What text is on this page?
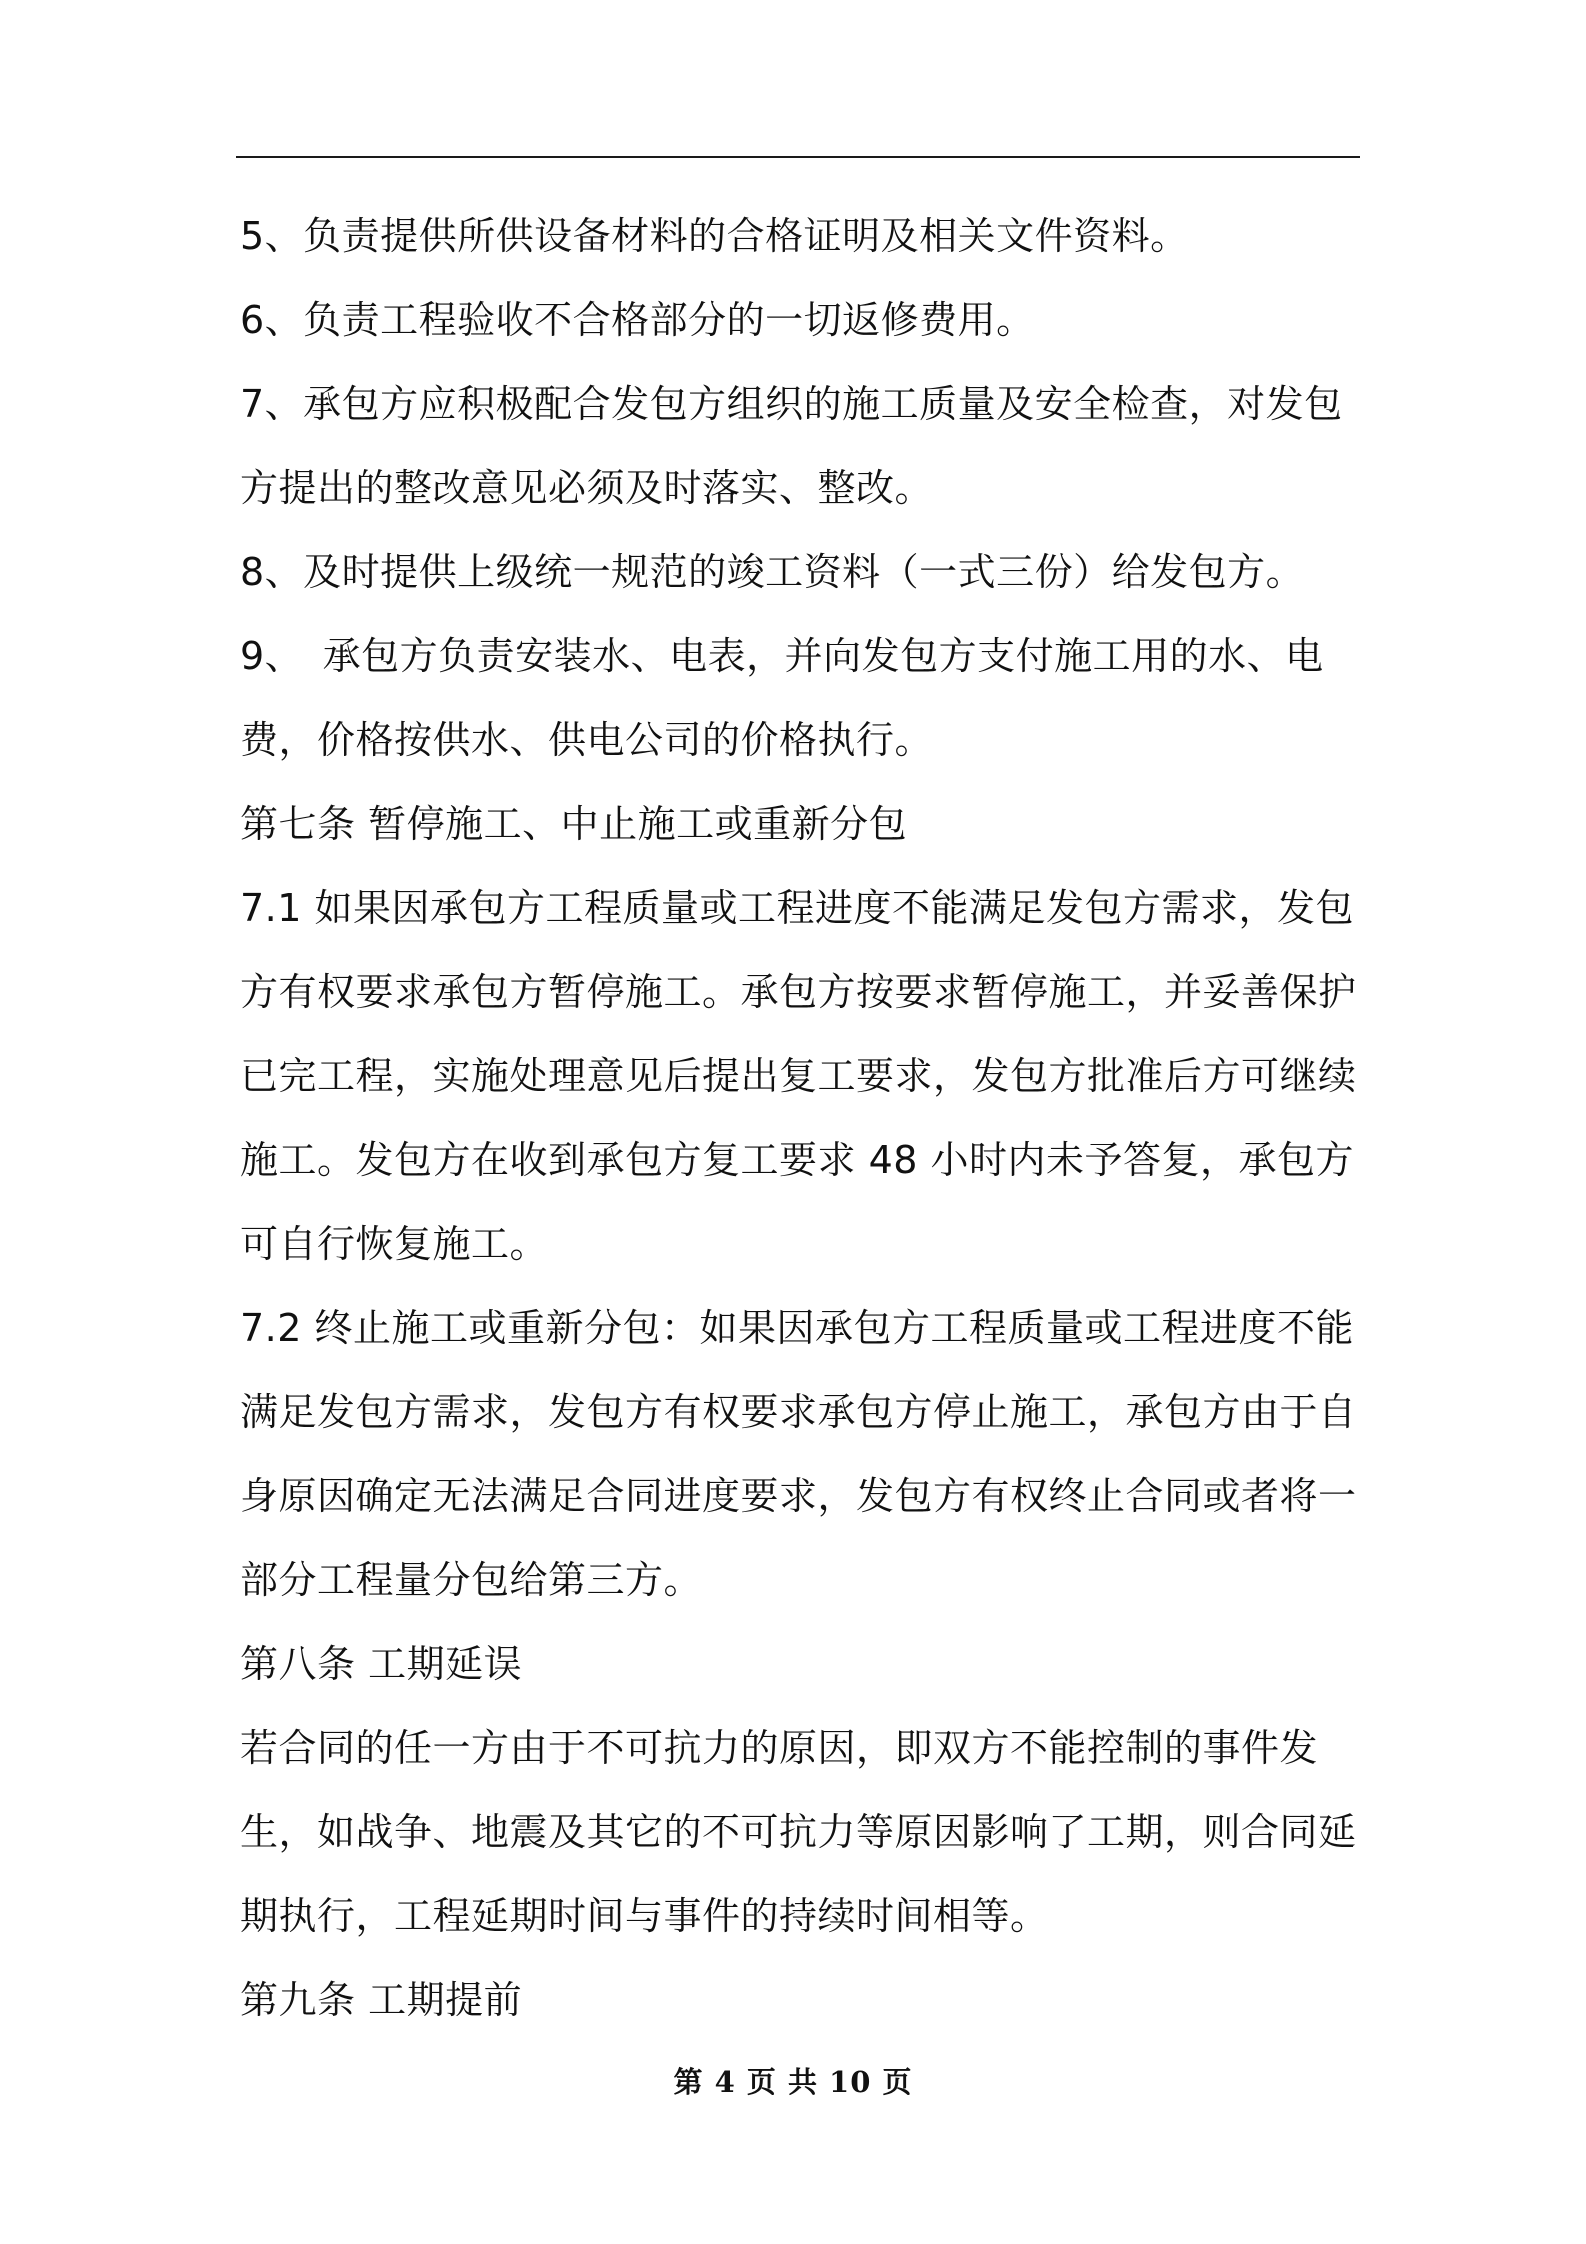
5、负责提供所供设备材料的合格证明及相关文件资料。

6、负责工程验收不合格部分的一切返修费用。

7、承包方应积极配合发包方组织的施工质量及安全检查，对发包方提出的整改意见必须及时落实、整改。

8、及时提供上级统一规范的竣工资料（一式三份）给发包方。

9、　承包方负责安装水、电表，并向发包方支付施工用的水、电费，价格按供水、供电公司的价格执行。

第七条 暂停施工、中止施工或重新分包

7.1 如果因承包方工程质量或工程进度不能满足发包方需求，发包方有权要求承包方暂停施工。承包方按要求暂停施工，并妥善保护已完工程，实施处理意见后提出复工要求，发包方批准后方可继续施工。发包方在收到承包方复工要求 48 小时内未予答复，承包方可自行恢复施工。

7.2 终止施工或重新分包：如果因承包方工程质量或工程进度不能满足发包方需求，发包方有权要求承包方停止施工，承包方由于自身原因确定无法满足合同进度要求，发包方有权终止合同或者将一部分工程量分包给第三方。

第八条 工期延误

若合同的任一方由于不可抗力的原因，即双方不能控制的事件发生，如战争、地震及其它的不可抗力等原因影响了工期，则合同延期执行，工程延期时间与事件的持续时间相等。

第九条 工期提前

第 4 页 共 10 页
